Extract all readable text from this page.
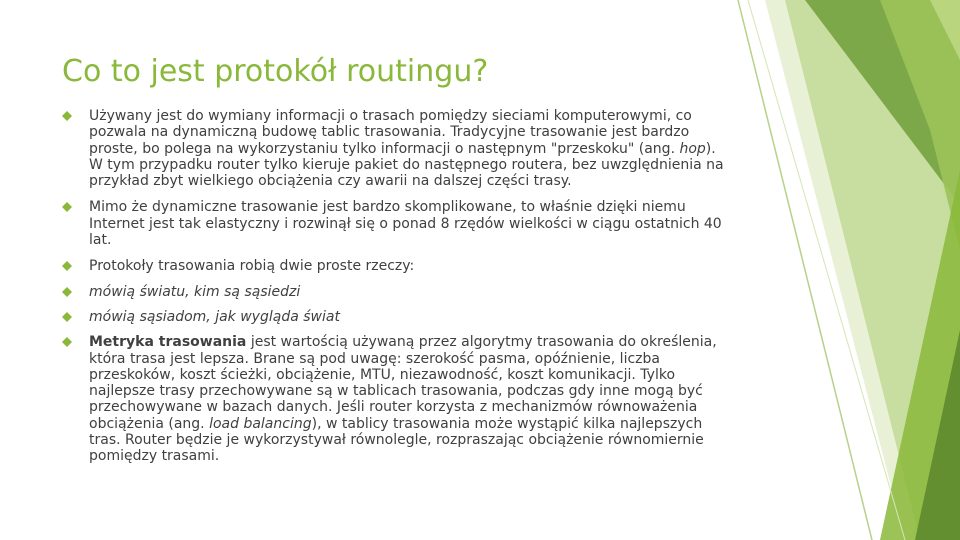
Co to jest protokół routingu?
Używany jest do wymiany informacji o trasach pomiędzy sieciami komputerowymi, co pozwala na dynamiczną budowę tablic trasowania. Tradycyjne trasowanie jest bardzo proste, bo polega na wykorzystaniu tylko informacji o następnym "przeskoku" (ang. hop). W tym przypadku router tylko kieruje pakiet do następnego routera, bez uwzględnienia na przykład zbyt wielkiego obciążenia czy awarii na dalszej części trasy.
Mimo że dynamiczne trasowanie jest bardzo skomplikowane, to właśnie dzięki niemu Internet jest tak elastyczny i rozwinął się o ponad 8 rzędów wielkości w ciągu ostatnich 40 lat.
Protokoły trasowania robią dwie proste rzeczy:
mówią światu, kim są sąsiedzi
mówią sąsiadom, jak wygląda świat
Metryka trasowania jest wartością używaną przez algorytmy trasowania do określenia, która trasa jest lepsza. Brane są pod uwagę: szerokość pasma, opóźnienie, liczba przeskoków, koszt ścieżki, obciążenie, MTU, niezawodność, koszt komunikacji. Tylko najlepsze trasy przechowywane są w tablicach trasowania, podczas gdy inne mogą być przechowywane w bazach danych. Jeśli router korzysta z mechanizmów równoważenia obciążenia (ang. load balancing), w tablicy trasowania może wystąpić kilka najlepszych tras. Router będzie je wykorzystywał równolegle, rozpraszając obciążenie równomiernie pomiędzy trasami.
